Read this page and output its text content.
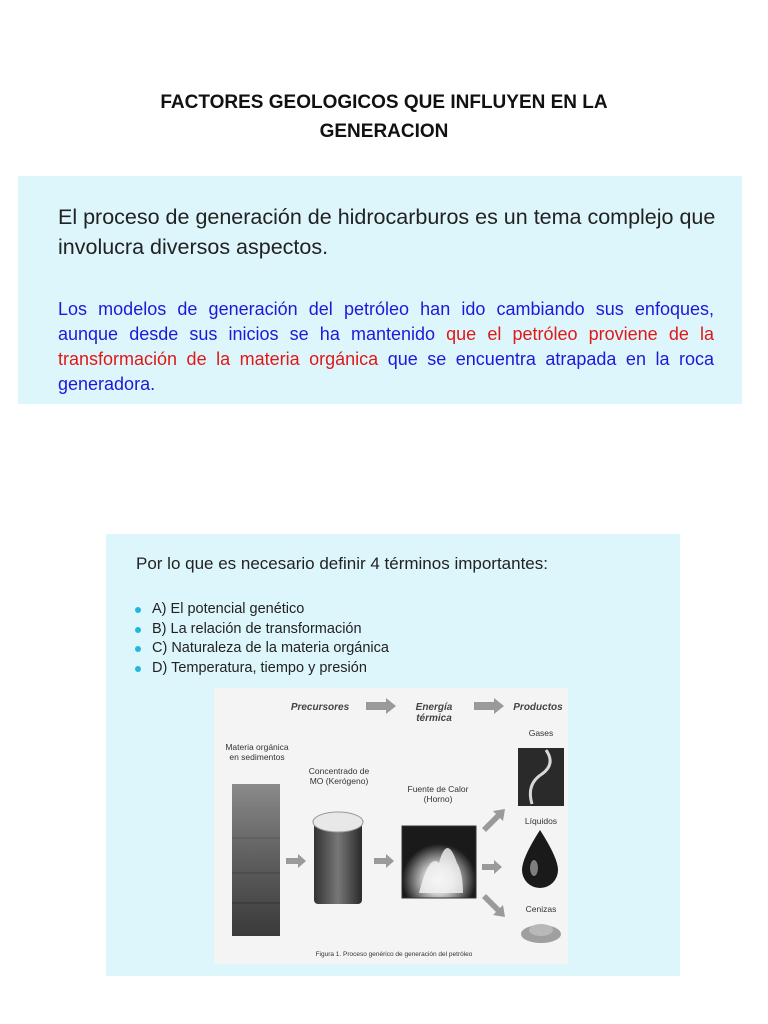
FACTORES GEOLOGICOS QUE INFLUYEN EN LA
GENERACION
El proceso de generación de hidrocarburos es un tema complejo que involucra diversos aspectos.
Los modelos de generación del petróleo han ido cambiando sus enfoques, aunque desde sus inicios se ha mantenido que el petróleo proviene de la transformación de la materia orgánica que se encuentra atrapada en la roca generadora.
Por lo que es necesario definir 4 términos importantes:
A) El potencial genético
B) La relación de transformación
C) Naturaleza de la materia orgánica
D) Temperatura, tiempo y presión
Precursores	Energía térmica
Productos
Materia orgánica en sedimentos
Concentrado de MO (Kerógeno)
Fuente de Calor (Horno)
Gases
Líquidos
Cenizas
Figura 1. Proceso genérico de generación del petróleo
